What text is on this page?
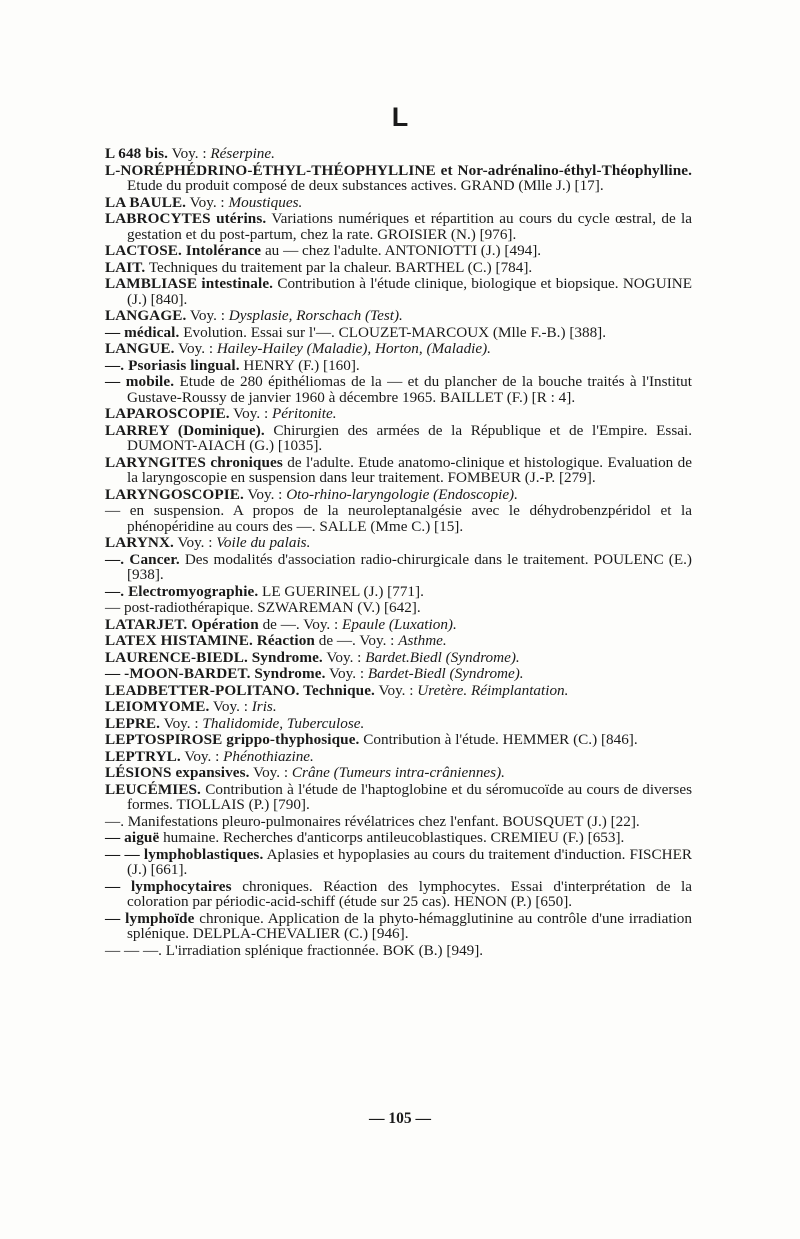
L

L 648 bis. Voy. : Réserpine.

L-NORÉPHÉDRINO-ÉTHYL-THÉOPHYLLINE et Nor-adrénalino-éthyl-Théophylline. Etude du produit composé de deux substances actives. GRAND (Mlle J.) [17].

LA BAULE. Voy. : Moustiques.

LABROCYTES utérins. Variations numériques et répartition au cours du cycle œstral, de la gestation et du post-partum, chez la rate. GROISIER (N.) [976].

LACTOSE. Intolérance au — chez l'adulte. ANTONIOTTI (J.) [494].

LAIT. Techniques du traitement par la chaleur. BARTHEL (C.) [784].

LAMBLIASE intestinale. Contribution à l'étude clinique, biologique et biopsique. NOGUINE (J.) [840].

LANGAGE. Voy. : Dysplasie, Rorschach (Test).

— médical. Evolution. Essai sur l'—. CLOUZET-MARCOUX (Mlle F.-B.) [388].

LANGUE. Voy. : Hailey-Hailey (Maladie), Horton, (Maladie).

—. Psoriasis lingual. HENRY (F.) [160].

— mobile. Etude de 280 épithéliomas de la — et du plancher de la bouche traités à l'Institut Gustave-Roussy de janvier 1960 à décembre 1965. BAILLET (F.) [R : 4].

LAPAROSCOPIE. Voy. : Péritonite.

LARREY (Dominique). Chirurgien des armées de la République et de l'Empire. Essai. DUMONT-AIACH (G.) [1035].

LARYNGITES chroniques de l'adulte. Etude anatomo-clinique et histologique. Evaluation de la laryngoscopie en suspension dans leur traitement. FOMBEUR (J.-P. [279].

LARYNGOSCOPIE. Voy. : Oto-rhino-laryngologie (Endoscopie).

— en suspension. A propos de la neuroleptanalgésie avec le déhydrobenzpéridol et la phénopéridine au cours des —. SALLE (Mme C.) [15].

LARYNX. Voy. : Voile du palais.

—. Cancer. Des modalités d'association radio-chirurgicale dans le traitement. POULENC (E.) [938].

—. Electromyographie. LE GUERINEL (J.) [771].

— post-radiothérapique. SZWAREMAN (V.) [642].

LATARJET. Opération de —. Voy. : Epaule (Luxation).

LATEX HISTAMINE. Réaction de —. Voy. : Asthme.

LAURENCE-BIEDL. Syndrome. Voy. : Bardet.Biedl (Syndrome).

— -MOON-BARDET. Syndrome. Voy. : Bardet-Biedl (Syndrome).

LEADBETTER-POLITANO. Technique. Voy. : Uretère. Réimplantation.

LEIOMYOME. Voy. : Iris.

LEPRE. Voy. : Thalidomide, Tuberculose.

LEPTOSPIROSE grippo-thyphosique. Contribution à l'étude. HEMMER (C.) [846].

LEPTRYL. Voy. : Phénothiazine.

LÉSIONS expansives. Voy. : Crâne (Tumeurs intra-crâniennes).

LEUCÉMIES. Contribution à l'étude de l'haptoglobine et du séromucoïde au cours de diverses formes. TIOLLAIS (P.) [790].

—. Manifestations pleuro-pulmonaires révélatrices chez l'enfant. BOUSQUET (J.) [22].

— aiguë humaine. Recherches d'anticorps antileucoblastiques. CREMIEU (F.) [653].

— — lymphoblastiques. Aplasies et hypoplasies au cours du traitement d'induction. FISCHER (J.) [661].

— lymphocytaires chroniques. Réaction des lymphocytes. Essai d'interprétation de la coloration par périodic-acid-schiff (étude sur 25 cas). HENON (P.) [650].

— lymphoïde chronique. Application de la phyto-hémagglutinine au contrôle d'une irradiation splénique. DELPLA-CHEVALIER (C.) [946].

— — —. L'irradiation splénique fractionnée. BOK (B.) [949].

— 105 —
